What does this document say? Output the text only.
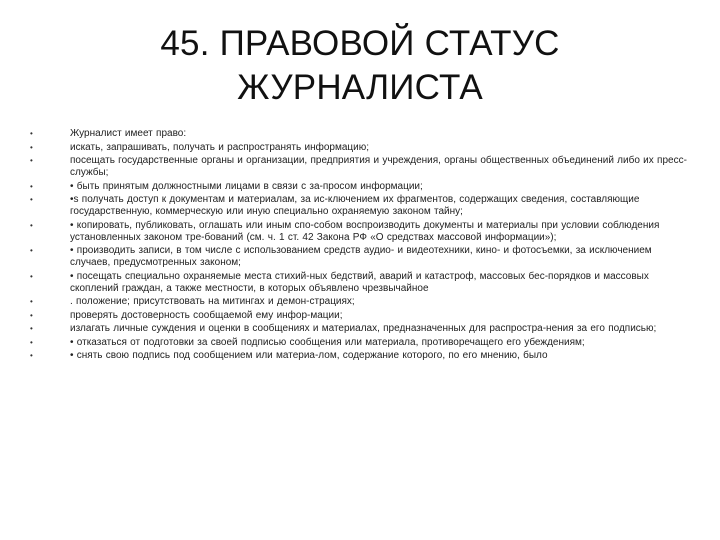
45. ПРАВОВОЙ СТАТУС
ЖУРНАЛИСТА
•	Журналист имеет право:
•	искать, запрашивать, получать и распространять информацию;
•	посещать государственные органы и организации, предприятия и учреждения, органы общественных объединений либо их пресс-службы;
•	• быть принятым должностными лицами в связи с за-просом информации;
•	•s получать доступ к документам и материалам, за ис-ключением их фрагментов, содержащих сведения, составляющие государственную, коммерческую или иную специально охраняемую законом тайну;
•	• копировать, публиковать, оглашать или иным спо-собом воспроизводить документы и материалы при условии соблюдения установленных законом тре-бований (см. ч. 1 ст. 42 Закона РФ «О средствах массовой информации»);
•	• производить записи, в том числе с использованием средств аудио- и видеотехники, кино- и фотосъемки, за исключением случаев, предусмотренных законом;
•	• посещать специально охраняемые места стихий-ных бедствий, аварий и катастроф, массовых бес-порядков и массовых скоплений граждан, а также местности, в которых объявлено чрезвычайное
•	. положение; присутствовать на митингах и демон-страциях;
•	проверять достоверность сообщаемой ему инфор-мации;
•	излагать личные суждения и оценки в сообщениях и материалах, предназначенных для распростра-нения за его подписью;
•	• отказаться от подготовки за своей подписью сообщения или материала, противоречащего его убеждениям;
•	• снять свою подпись под сообщением или материа-лом, содержание которого, по его мнению, было
